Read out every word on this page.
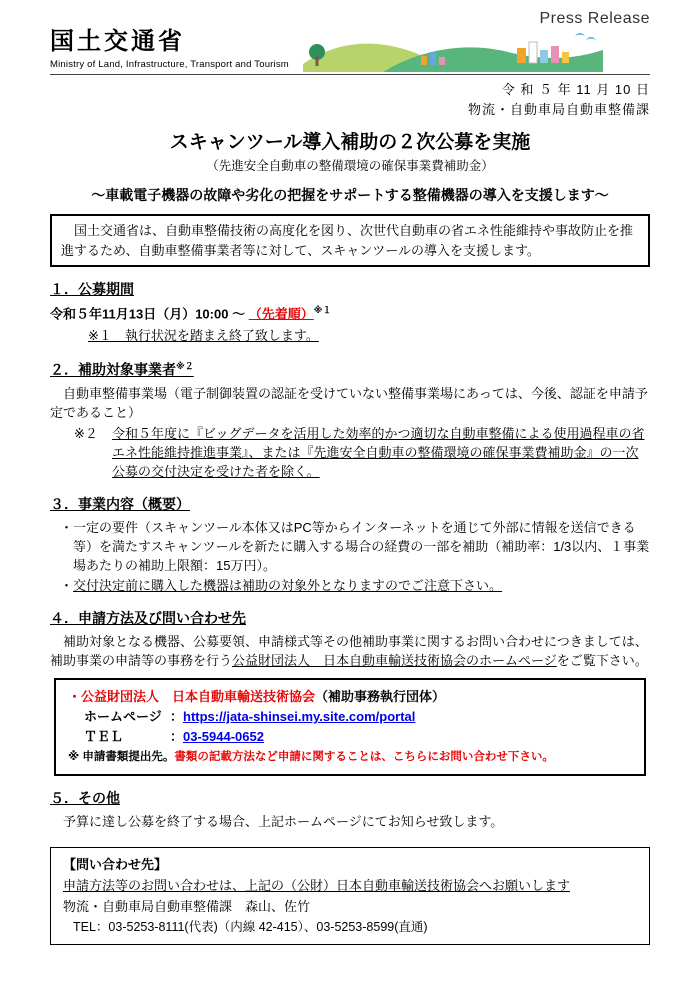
Press Release
国土交通省
Ministry of Land, Infrastructure, Transport and Tourism
令 和 ５ 年 11 月 10 日
物流・自動車局自動車整備課
スキャンツール導入補助の２次公募を実施
（先進安全自動車の整備環境の確保事業費補助金）
～車載電子機器の故障や劣化の把握をサポートする整備機器の導入を支援します～

　国土交通省は、自動車整備技術の高度化を図り、次世代自動車の省エネ性能維持や事故防止を推進するため、自動車整備事業者等に対して、スキャンツールの導入を支援します。

１．公募期間

令和５年11月13日（月）10:00 ～ （先着順）$^{※1}$

※１　執行状況を踏まえ終了致します。

２．補助対象事業者$^{※2}$

　自動車整備事業場（電子制御装置の認証を受けていない整備事業場にあっては、今後、認証を申請予定であること）

※２	令和５年度に『ビッグデータを活用した効率的かつ適切な自動車整備による使用過程車の省エネ性能維持推進事業』、または『先進安全自動車の整備環境の確保事業費補助金』の一次公募の交付決定を受けた者を除く。
３．事業内容（概要）

・一定の要件（スキャンツール本体又はPC等からインターネットを通じて外部に情報を送信できる等）を満たすスキャンツールを新たに購入する場合の経費の一部を補助（補助率：1/3以内、１事業場あたりの補助上限額：15万円）。

・交付決定前に購入した機器は補助の対象外となりますのでご注意下さい。

４．申請方法及び問い合わせ先

　補助対象となる機器、公募要領、申請様式等その他補助事業に関するお問い合わせにつきましては、補助事業の申請等の事務を行う公益財団法人　日本自動車輸送技術協会のホームページをご覧下さい。

・公益財団法人　日本自動車輸送技術協会（補助事務執行団体）
ホームページ ：https://jata-shinsei.my.site.com/portal
ＴＥＬ	：03-5944-0652
※ 申請書類提出先。書類の記載方法など申請に関することは、こちらにお問い合わせ下さい。
５．その他

　予算に達し公募を終了する場合、上記ホームページにてお知らせ致します。

【問い合わせ先】
申請方法等のお問い合わせは、上記の（公財）日本自動車輸送技術協会へお願いします
物流・自動車局自動車整備課　森山、佐竹
TEL：03-5253-8111(代表)（内線 42-415）、03-5253-8599(直通)
